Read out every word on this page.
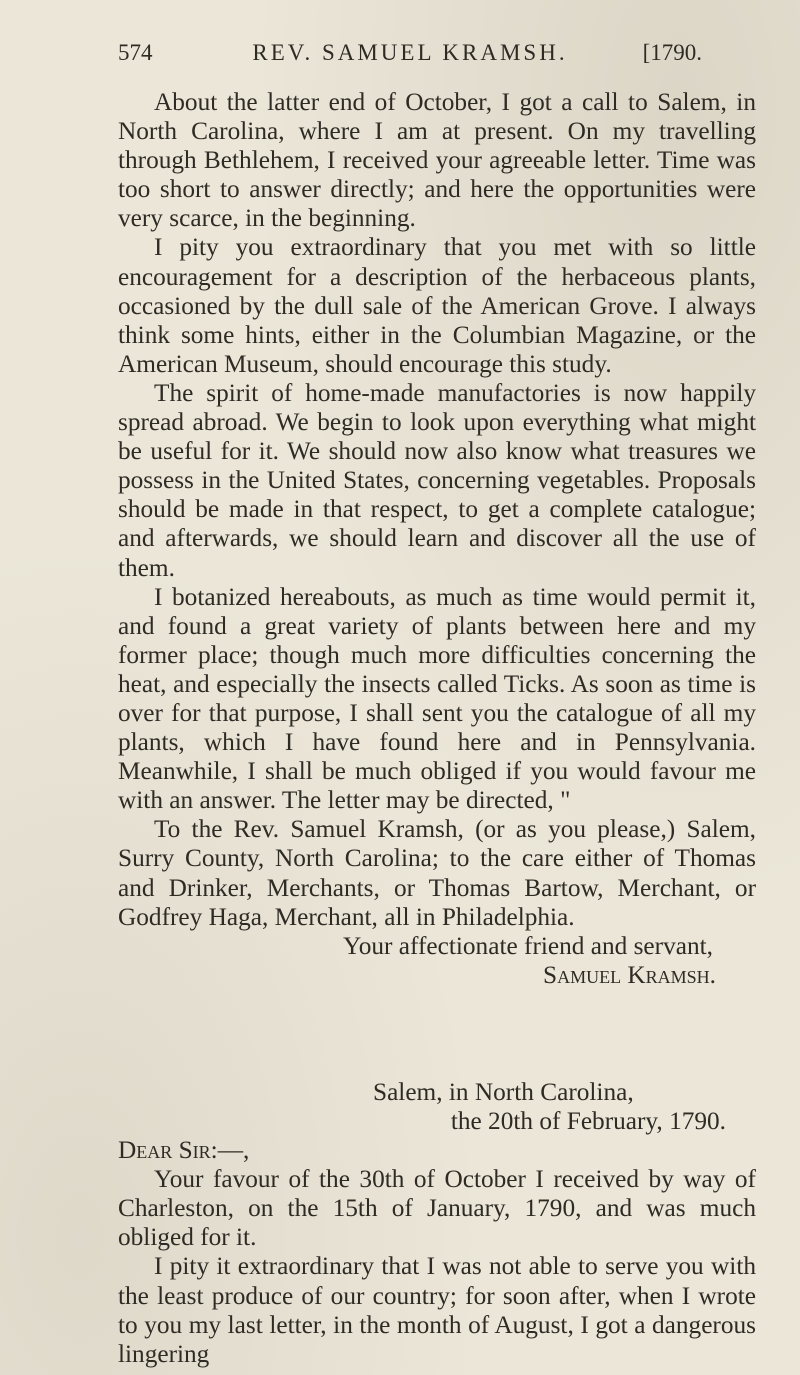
574	REV. SAMUEL KRAMSH.	[1790.

About the latter end of October, I got a call to Salem, in North Carolina, where I am at present. On my travelling through Bethlehem, I received your agreeable letter. Time was too short to answer directly; and here the opportunities were very scarce, in the beginning.

I pity you extraordinary that you met with so little encouragement for a description of the herbaceous plants, occasioned by the dull sale of the American Grove. I always think some hints, either in the Columbian Magazine, or the American Museum, should encourage this study.

The spirit of home-made manufactories is now happily spread abroad. We begin to look upon everything what might be useful for it. We should now also know what treasures we possess in the United States, concerning vegetables. Proposals should be made in that respect, to get a complete catalogue; and afterwards, we should learn and discover all the use of them.

I botanized hereabouts, as much as time would permit it, and found a great variety of plants between here and my former place; though much more difficulties concerning the heat, and especially the insects called Ticks. As soon as time is over for that purpose, I shall sent you the catalogue of all my plants, which I have found here and in Pennsylvania. Meanwhile, I shall be much obliged if you would favour me with an answer. The letter may be directed, "

To the Rev. Samuel Kramsh, (or as you please,) Salem, Surry County, North Carolina; to the care either of Thomas and Drinker, Merchants, or Thomas Bartow, Merchant, or Godfrey Haga, Merchant, all in Philadelphia.

Your affectionate friend and servant,

Samuel Kramsh.

Salem, in North Carolina,

the 20th of February, 1790.

Dear Sir:—,

Your favour of the 30th of October I received by way of Charleston, on the 15th of January, 1790, and was much obliged for it.

I pity it extraordinary that I was not able to serve you with the least produce of our country; for soon after, when I wrote to you my last letter, in the month of August, I got a dangerous lingering
